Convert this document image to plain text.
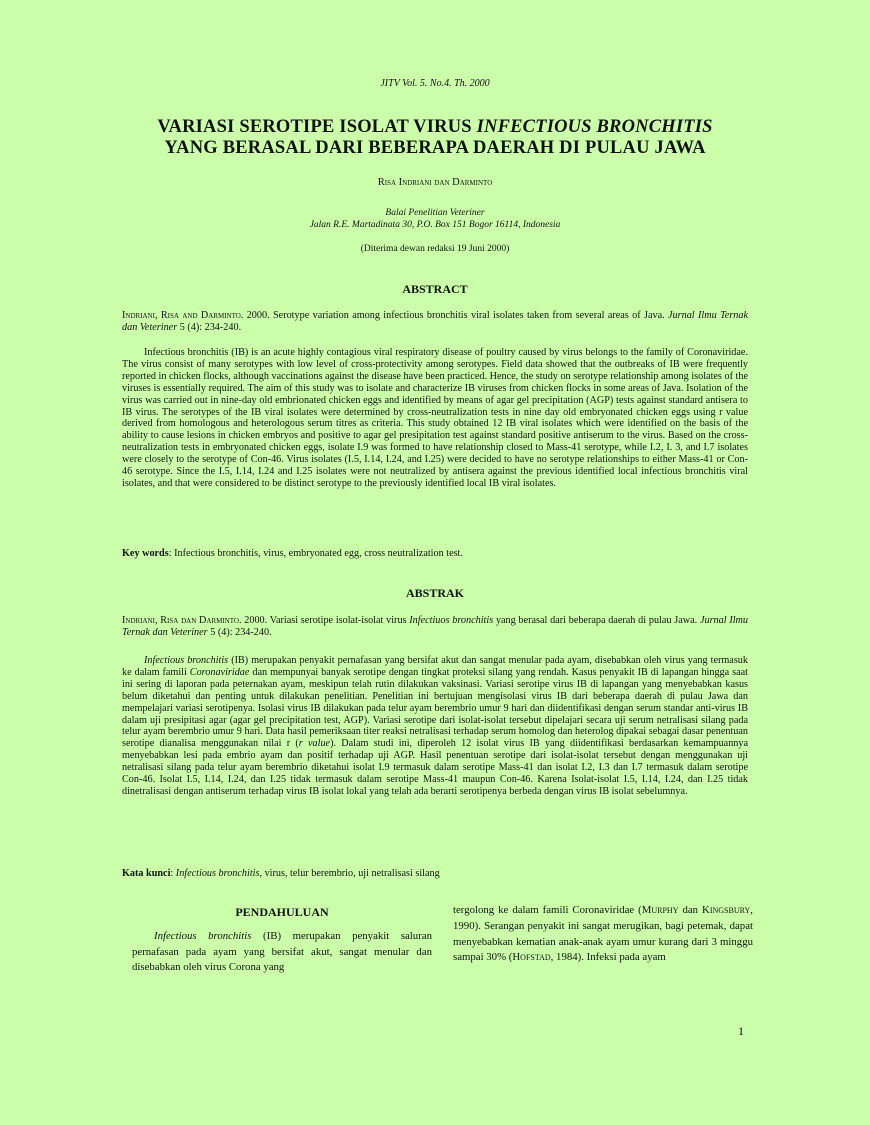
JITV Vol. 5. No.4. Th. 2000
VARIASI SEROTIPE ISOLAT VIRUS INFECTIOUS BRONCHITIS
YANG BERASAL DARI BEBERAPA DAERAH DI PULAU JAWA
Risa Indriani dan Darminto
Balai Penelitian Veteriner
Jalan R.E. Martadinata 30, P.O. Box 151 Bogor 16114, Indonesia
(Diterima dewan redaksi 19 Juni 2000)
ABSTRACT
Indriani, Risa and Darminto. 2000. Serotype variation among infectious bronchitis viral isolates taken from several areas of Java. Jurnal Ilmu Ternak dan Veteriner 5 (4): 234-240.
Infectious bronchitis (IB) is an acute highly contagious viral respiratory disease of poultry caused by virus belongs to the family of Coronaviridae. The virus consist of many serotypes with low level of cross-protectivity among serotypes. Field data showed that the outbreaks of IB were frequently reported in chicken flocks, although vaccinations against the disease have been practiced. Hence, the study on serotype relationship among isolates of the viruses is essentially required. The aim of this study was to isolate and characterize IB viruses from chicken flocks in some areas of Java. Isolation of the virus was carried out in nine-day old embrionated chicken eggs and identified by means of agar gel precipitation (AGP) tests against standard antisera to IB virus. The serotypes of the IB viral isolates were determined by cross-neutralization tests in nine day old embryonated chicken eggs using r value derived from homologous and heterologous serum titres as criteria. This study obtained 12 IB viral isolates which were identified on the basis of the ability to cause lesions in chicken embryos and positive to agar gel presipitation test against standard positive antiserum to the virus. Based on the cross-neutralization tests in embryonated chicken eggs, isolate I.9 was formed to have relationship closed to Mass-41 serotype, while I.2, I. 3, and I.7 isolates were closely to the serotype of Con-46. Virus isolates (I.5, I.14, I.24, and I.25) were decided to have no serotype relationships to either Mass-41 or Con-46 serotype. Since the I.5, I.14, I.24 and I.25 isolates were not neutralized by antisera against the previous identified local infectious bronchitis viral isolates, and that were considered to be distinct serotype to the previously identified local IB viral isolates.
Key words: Infectious bronchitis, virus, embryonated egg, cross neutralization test.
ABSTRAK
Indriani, Risa dan Darminto. 2000. Variasi serotipe isolat-isolat virus Infectiuos bronchitis yang berasal dari beberapa daerah di pulau Jawa. Jurnal Ilmu Ternak dan Veteriner 5 (4): 234-240.
Infectious bronchitis (IB) merupakan penyakit pernafasan yang bersifat akut dan sangat menular pada ayam, disebabkan oleh virus yang termasuk ke dalam famili Coronaviridae dan mempunyai banyak serotipe dengan tingkat proteksi silang yang rendah. Kasus penyakit IB di lapangan hingga saat ini sering di laporan pada peternakan ayam, meskipun telah rutin dilakukan vaksinasi. Variasi serotipe virus IB di lapangan yang menyebabkan kasus belum diketahui dan penting untuk dilakukan penelitian. Penelitian ini bertujuan mengisolasi virus IB dari beberapa daerah di pulau Jawa dan mempelajari variasi serotipenya. Isolasi virus IB dilakukan pada telur ayam berembrio umur 9 hari dan diidentifikasi dengan serum standar anti-virus IB dalam uji presipitasi agar (agar gel precipitation test, AGP). Variasi serotipe dari isolat-isolat tersebut dipelajari secara uji serum netralisasi silang pada telur ayam berembrio umur 9 hari. Data hasil pemeriksaan titer reaksi netralisasi terhadap serum homolog dan heterolog dipakai sebagai dasar penentuan serotipe dianalisa menggunakan nilai r (r value). Dalam studi ini, diperoleh 12 isolat virus IB yang diidentifikasi berdasarkan kemampuannya menyebabkan lesi pada embrio ayam dan positif terhadap uji AGP. Hasil penentuan serotipe dari isolat-isolat tersebut dengan menggunakan uji netralisasi silang pada telur ayam berembrio diketahui isolat I.9 termasuk dalam serotipe Mass-41 dan isolat I.2, I.3 dan I.7 termasuk dalam serotipe Con-46. Isolat I.5, I.14, I.24, dan I.25 tidak termasuk dalam serotipe Mass-41 maupun Con-46. Karena Isolat-isolat I.5, I.14, I.24, dan I.25 tidak dinetralisasi dengan antiserum terhadap virus IB isolat lokal yang telah ada berarti serotipenya berbeda dengan virus IB isolat sebelumnya.
Kata kunci: Infectious bronchitis, virus, telur berembrio, uji netralisasi silang
PENDAHULUAN
Infectious bronchitis (IB) merupakan penyakit saluran pernafasan pada ayam yang bersifat akut, sangat menular dan disebabkan oleh virus Corona yang
tergolong ke dalam famili Coronaviridae (Murphy dan Kingsbury, 1990). Serangan penyakit ini sangat merugikan, bagi petemak, dapat menyebabkan kematian anak-anak ayam umur kurang dari 3 minggu sampai 30% (Hofstad, 1984). Infeksi pada ayam
1
